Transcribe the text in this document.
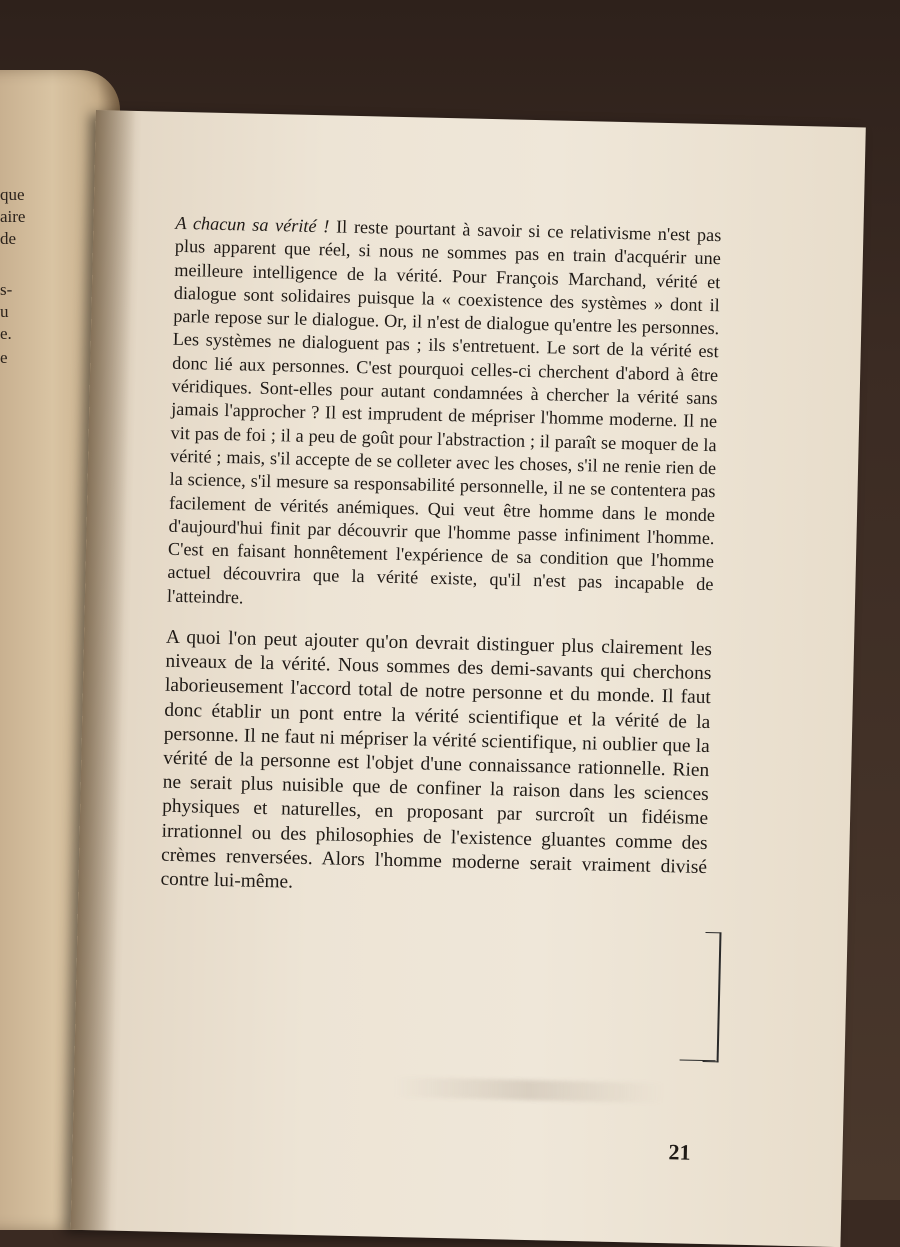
que
aire
de
s-
u
e.
e

A chacun sa vérité ! Il reste pourtant à savoir si ce relativisme n'est pas plus apparent que réel, si nous ne sommes pas en train d'acquérir une meilleure intelligence de la vérité. Pour François Marchand, vérité et dialogue sont solidaires puisque la « coexistence des systèmes » dont il parle repose sur le dialogue. Or, il n'est de dialogue qu'entre les personnes. Les systèmes ne dialoguent pas ; ils s'entretuent. Le sort de la vérité est donc lié aux personnes. C'est pourquoi celles-ci cherchent d'abord à être véridiques. Sont-elles pour autant condamnées à chercher la vérité sans jamais l'approcher ? Il est imprudent de mépriser l'homme moderne. Il ne vit pas de foi ; il a peu de goût pour l'abstraction ; il paraît se moquer de la vérité ; mais, s'il accepte de se colleter avec les choses, s'il ne renie rien de la science, s'il mesure sa responsabilité personnelle, il ne se contentera pas facilement de vérités anémiques. Qui veut être homme dans le monde d'aujourd'hui finit par découvrir que l'homme passe infiniment l'homme. C'est en faisant honnêtement l'expérience de sa condition que l'homme actuel découvrira que la vérité existe, qu'il n'est pas incapable de l'atteindre.

A quoi l'on peut ajouter qu'on devrait distinguer plus clairement les niveaux de la vérité. Nous sommes des demi-savants qui cherchons laborieusement l'accord total de notre personne et du monde. Il faut donc établir un pont entre la vérité scientifique et la vérité de la personne. Il ne faut ni mépriser la vérité scientifique, ni oublier que la vérité de la personne est l'objet d'une connaissance rationnelle. Rien ne serait plus nuisible que de confiner la raison dans les sciences physiques et naturelles, en proposant par surcroît un fidéisme irrationnel ou des philosophies de l'existence gluantes comme des crèmes renversées. Alors l'homme moderne serait vraiment divisé contre lui-même.

21
